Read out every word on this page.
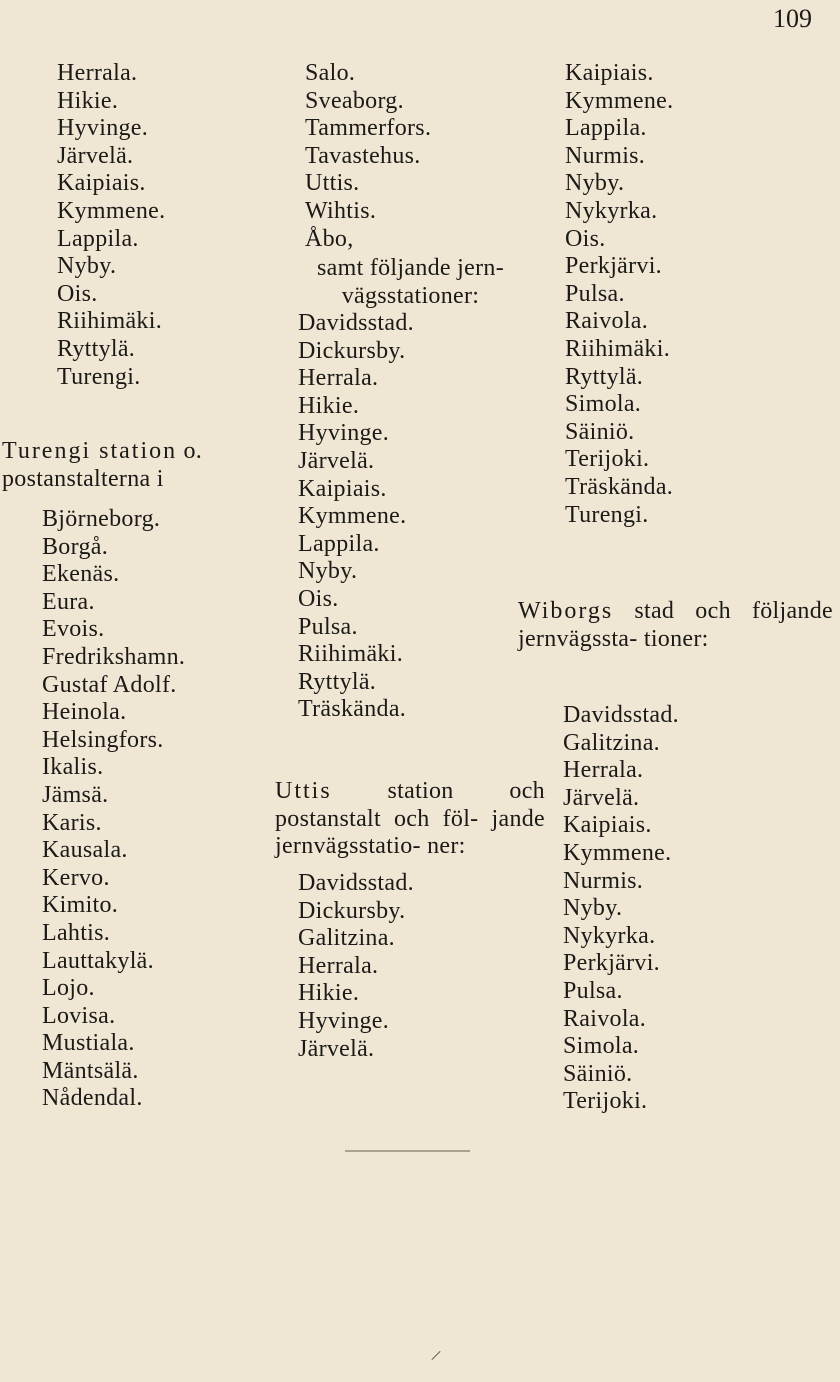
109
Herrala.
Hikie.
Hyvinge.
Järvelä.
Kaipiais.
Kymmene.
Lappila.
Nyby.
Ois.
Riihimäki.
Ryttylä.
Turengi.

Turengi station o. postanstalterna i

Björneborg.
Borgå.
Ekenäs.
Eura.
Evois.
Fredrikshamn.
Gustaf Adolf.
Heinola.
Helsingfors.
Ikalis.
Jämsä.
Karis.
Kausala.
Kervo.
Kimito.
Lahtis.
Lauttakylä.
Lojo.
Lovisa.
Mustiala.
Mäntsälä.
Nådendal.
Salo.
Sveaborg.
Tammerfors.
Tavastehus.
Uttis.
Wihtis.
Åbo,

samt följande jern- vägsstationer:

Davidsstad.
Dickursby.
Herrala.
Hikie.
Hyvinge.
Järvelä.
Kaipiais.
Kymmene.
Lappila.
Nyby.
Ois.
Pulsa.
Riihimäki.
Ryttylä.
Träskända.

Uttis station och postanstalt och föl- jande jernvägsstatio- ner:

Davidsstad.
Dickursby.
Galitzina.
Herrala.
Hikie.
Hyvinge.
Järvelä.
Kaipiais.
Kymmene.
Lappila.
Nurmis.
Nyby.
Nykyrka.
Ois.
Perkjärvi.
Pulsa.
Raivola.
Riihimäki.
Ryttylä.
Simola.
Säiniö.
Terijoki.
Träskända.
Turengi.

Wiborgs stad och följande jernvägssta- tioner:

Davidsstad.
Galitzina.
Herrala.
Järvelä.
Kaipiais.
Kymmene.
Nurmis.
Nyby.
Nykyrka.
Perkjärvi.
Pulsa.
Raivola.
Simola.
Säiniö.
Terijoki.
